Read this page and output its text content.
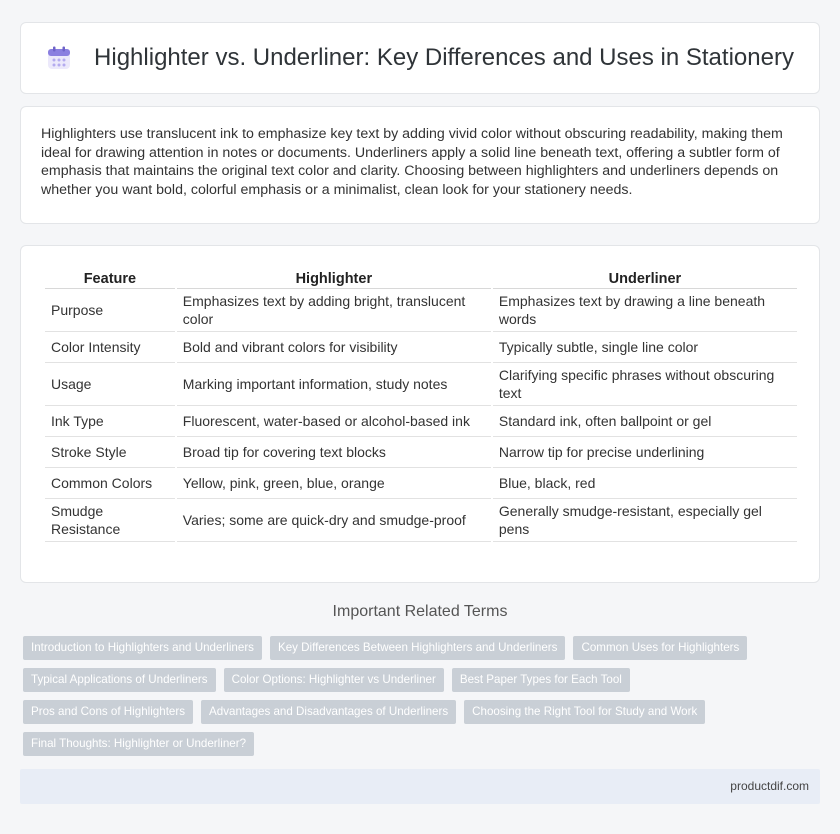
Highlighter vs. Underliner: Key Differences and Uses in Stationery

Highlighters use translucent ink to emphasize key text by adding vivid color without obscuring readability, making them ideal for drawing attention in notes or documents. Underliners apply a solid line beneath text, offering a subtler form of emphasis that maintains the original text color and clarity. Choosing between highlighters and underliners depends on whether you want bold, colorful emphasis or a minimalist, clean look for your stationery needs.

Feature	Highlighter	Underliner
Purpose	Emphasizes text by adding bright, translucent color	Emphasizes text by drawing a line beneath words
Color Intensity	Bold and vibrant colors for visibility	Typically subtle, single line color
Usage	Marking important information, study notes	Clarifying specific phrases without obscuring text
Ink Type	Fluorescent, water-based or alcohol-based ink	Standard ink, often ballpoint or gel
Stroke Style	Broad tip for covering text blocks	Narrow tip for precise underlining
Common Colors	Yellow, pink, green, blue, orange	Blue, black, red
Smudge Resistance	Varies; some are quick-dry and smudge-proof	Generally smudge-resistant, especially gel pens
Important Related Terms
Introduction to Highlighters and Underliners	Key Differences Between Highlighters and Underliners	Common Uses for Highlighters
Typical Applications of Underliners	Color Options: Highlighter vs Underliner	Best Paper Types for Each Tool
Pros and Cons of Highlighters	Advantages and Disadvantages of Underliners	Choosing the Right Tool for Study and Work
Final Thoughts: Highlighter or Underliner?
productdif.com
